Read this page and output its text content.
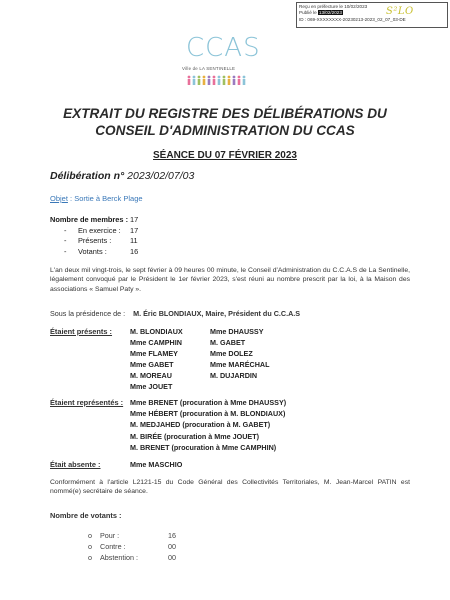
Reçu en préfecture le 10/02/2023
Publié le 13/02/2023
ID : 069-XXXXXXXX-20230213-2023_02_07_03-DE
S²LO
CCAS
Ville de LA SENTINELLE
EXTRAIT DU REGISTRE DES DÉLIBÉRATIONS DU
CONSEIL D'ADMINISTRATION DU CCAS
SÉANCE DU 07 FÉVRIER 2023
Délibération n° 2023/02/07/03
Objet : Sortie à Berck Plage
Nombre de membres : 17
-	En exercice :	17
-	Présents :	11
-	Votants :	16
L'an deux mil vingt-trois, le sept février à 09 heures 00 minute, le Conseil d'Administration du C.C.A.S de La Sentinelle, légalement convoqué par le Président le 1er février 2023, s'est réuni au nombre prescrit par la loi, à la Maison des associations « Samuel Paty ».
Sous la présidence de : M. Éric BLONDIAUX, Maire, Président du C.C.A.S
Étaient présents : M. BLONDIAUX
Mme CAMPHIN
Mme FLAMEY
Mme GABET
M. MOREAU
Mme JOUET
Mme DHAUSSY
M. GABET
Mme DOLEZ
Mme MARÉCHAL
M. DUJARDIN
Étaient représentés : Mme BRENET (procuration à Mme DHAUSSY)
Mme HÉBERT (procuration à M. BLONDIAUX)
M. MEDJAHED (procuration à M. GABET)
M. BIRÉE (procuration à Mme JOUET)
M. BRENET (procuration à Mme CAMPHIN)
Était absente :	Mme MASCHIO
Conformément à l'article L2121-15 du Code Général des Collectivités Territoriales, M. Jean-Marcel PATIN est nommé(e) secrétaire de séance.
Nombre de votants :
o	Pour :	16
o	Contre :	00
o	Abstention :	00
